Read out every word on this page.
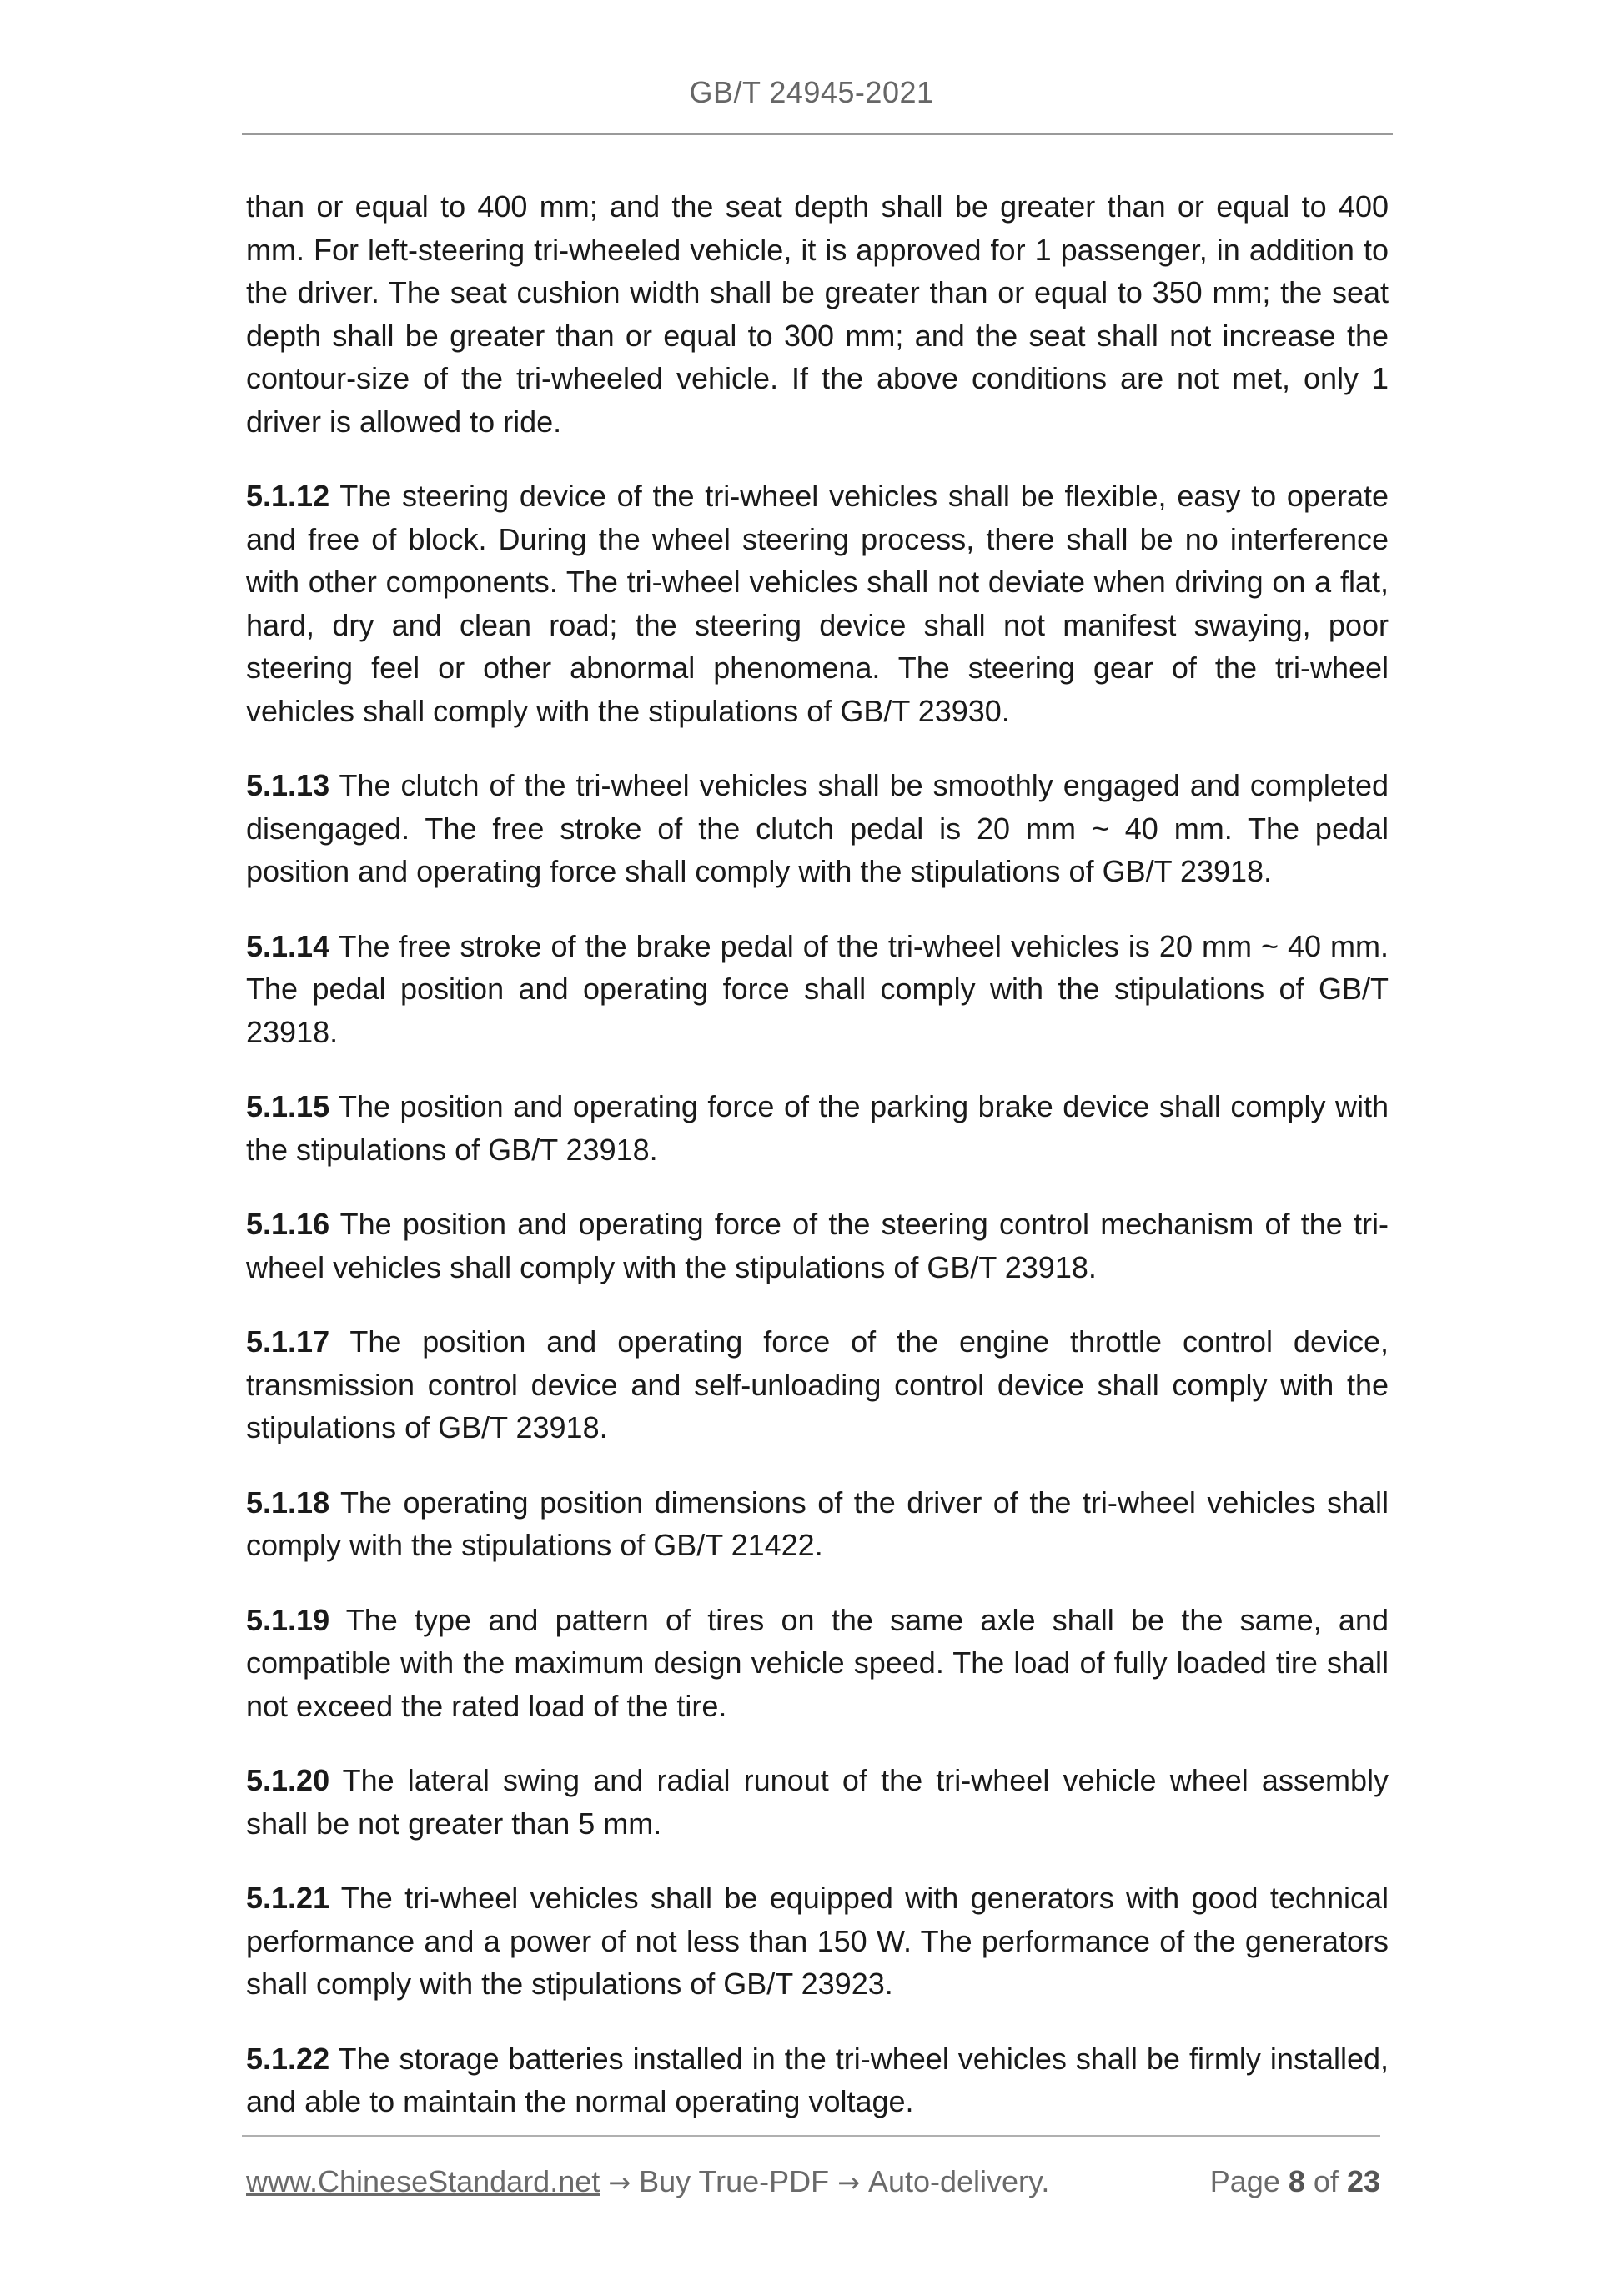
GB/T 24945-2021

than or equal to 400 mm; and the seat depth shall be greater than or equal to 400 mm. For left-steering tri-wheeled vehicle, it is approved for 1 passenger, in addition to the driver. The seat cushion width shall be greater than or equal to 350 mm; the seat depth shall be greater than or equal to 300 mm; and the seat shall not increase the contour-size of the tri-wheeled vehicle. If the above conditions are not met, only 1 driver is allowed to ride.

5.1.12 The steering device of the tri-wheel vehicles shall be flexible, easy to operate and free of block. During the wheel steering process, there shall be no interference with other components. The tri-wheel vehicles shall not deviate when driving on a flat, hard, dry and clean road; the steering device shall not manifest swaying, poor steering feel or other abnormal phenomena. The steering gear of the tri-wheel vehicles shall comply with the stipulations of GB/T 23930.

5.1.13 The clutch of the tri-wheel vehicles shall be smoothly engaged and completed disengaged. The free stroke of the clutch pedal is 20 mm ~ 40 mm. The pedal position and operating force shall comply with the stipulations of GB/T 23918.

5.1.14 The free stroke of the brake pedal of the tri-wheel vehicles is 20 mm ~ 40 mm. The pedal position and operating force shall comply with the stipulations of GB/T 23918.

5.1.15 The position and operating force of the parking brake device shall comply with the stipulations of GB/T 23918.

5.1.16 The position and operating force of the steering control mechanism of the tri-wheel vehicles shall comply with the stipulations of GB/T 23918.

5.1.17 The position and operating force of the engine throttle control device, transmission control device and self-unloading control device shall comply with the stipulations of GB/T 23918.

5.1.18 The operating position dimensions of the driver of the tri-wheel vehicles shall comply with the stipulations of GB/T 21422.

5.1.19 The type and pattern of tires on the same axle shall be the same, and compatible with the maximum design vehicle speed. The load of fully loaded tire shall not exceed the rated load of the tire.

5.1.20 The lateral swing and radial runout of the tri-wheel vehicle wheel assembly shall be not greater than 5 mm.

5.1.21 The tri-wheel vehicles shall be equipped with generators with good technical performance and a power of not less than 150 W. The performance of the generators shall comply with the stipulations of GB/T 23923.

5.1.22 The storage batteries installed in the tri-wheel vehicles shall be firmly installed, and able to maintain the normal operating voltage.

www.ChineseStandard.net → Buy True-PDF → Auto-delivery.	Page 8 of 23
